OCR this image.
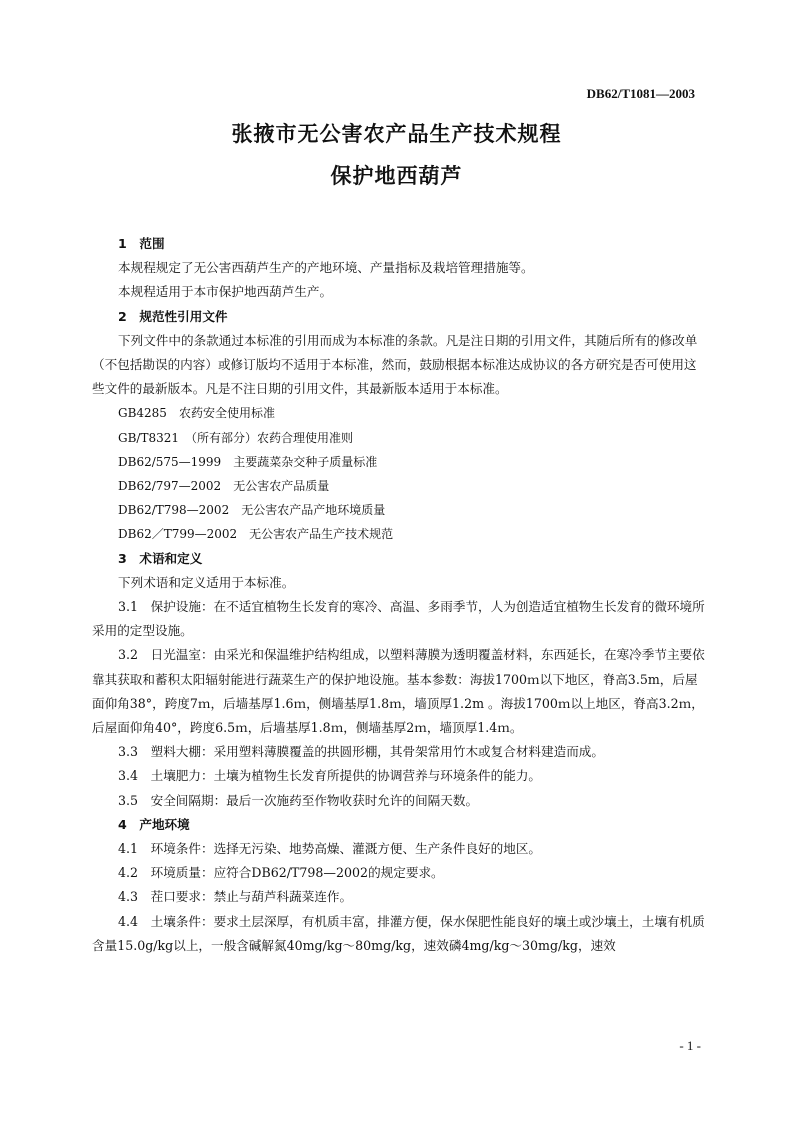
DB62/T1081—2003
张掖市无公害农产品生产技术规程
保护地西葫芦

1　范围

本规程规定了无公害西葫芦生产的产地环境、产量指标及栽培管理措施等。

本规程适用于本市保护地西葫芦生产。

2　规范性引用文件

下列文件中的条款通过本标准的引用而成为本标准的条款。凡是注日期的引用文件，其随后所有的修改单（不包括勘误的内容）或修订版均不适用于本标准，然而，鼓励根据本标准达成协议的各方研究是否可使用这些文件的最新版本。凡是不注日期的引用文件，其最新版本适用于本标准。

GB4285　农药安全使用标准

GB/T8321　（所有部分）农药合理使用准则

DB62/575—1999　主要蔬菜杂交种子质量标准

DB62/797—2002　无公害农产品质量

DB62/T798—2002　无公害农产品产地环境质量

DB62／T799—2002　无公害农产品生产技术规范

3　术语和定义

下列术语和定义适用于本标准。

3.1　保护设施：在不适宜植物生长发育的寒冷、高温、多雨季节，人为创造适宜植物生长发育的微环境所采用的定型设施。

3.2　日光温室：由采光和保温维护结构组成，以塑料薄膜为透明覆盖材料，东西延长，在寒冷季节主要依靠其获取和蓄积太阳辐射能进行蔬菜生产的保护地设施。基本参数：海拔1700ｍ以下地区，脊高3.5m，后屋面仰角38°，跨度7ｍ，后墙基厚1.6ｍ，侧墙基厚1.8ｍ，墙顶厚1.2m 。海拔1700ｍ以上地区，脊高3.2ｍ，后屋面仰角40°，跨度6.5ｍ，后墙基厚1.8ｍ，侧墙基厚2ｍ，墙顶厚1.4ｍ。

3.3　塑料大棚：采用塑料薄膜覆盖的拱圆形棚，其骨架常用竹木或复合材料建造而成。

3.4　土壤肥力：土壤为植物生长发育所提供的协调营养与环境条件的能力。

3.5　安全间隔期：最后一次施药至作物收获时允许的间隔天数。

4　产地环境

4.1　环境条件：选择无污染、地势高燥、灌溉方便、生产条件良好的地区。

4.2　环境质量：应符合DB62/T798—2002的规定要求。

4.3　茬口要求：禁止与葫芦科蔬菜连作。

4.4　土壤条件：要求土层深厚，有机质丰富，排灌方便，保水保肥性能良好的壤土或沙壤土，土壤有机质含量15.0g/kg以上，一般含碱解氮40mg/kg～80mg/kg，速效磷4mg/kg～30mg/kg，速效

- 1 -
